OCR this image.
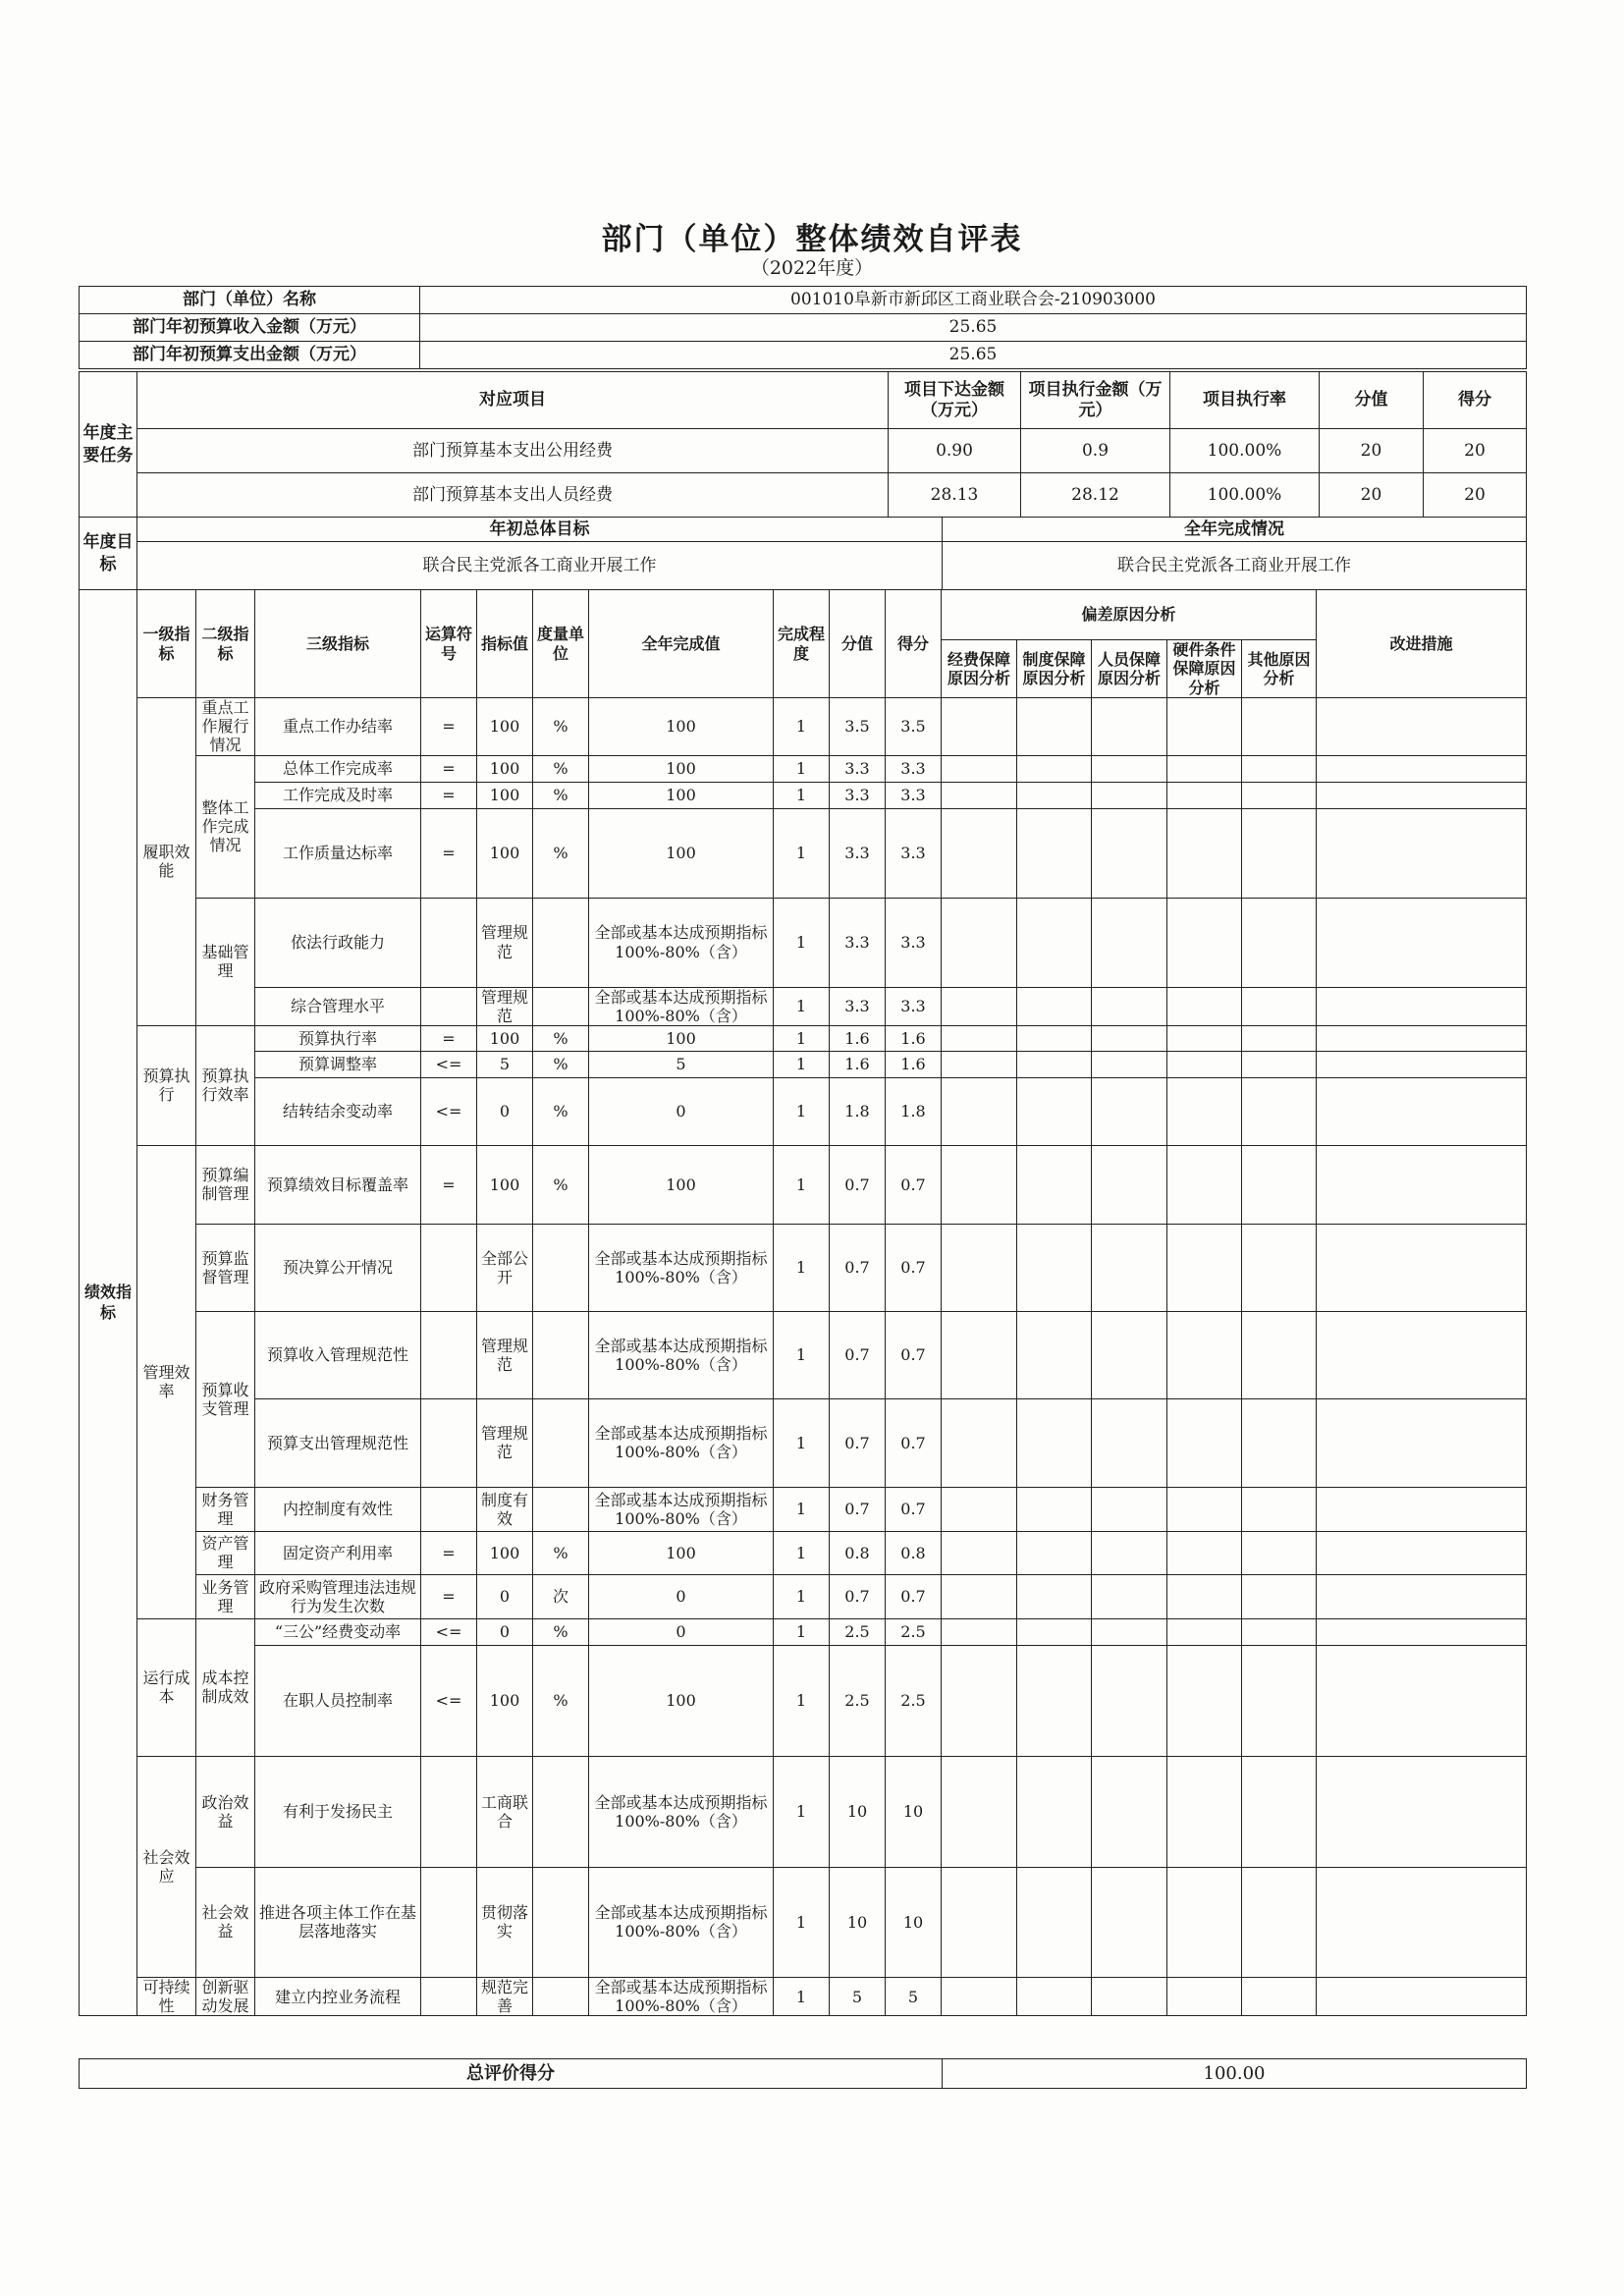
部门（单位）整体绩效自评表
（2022年度）
部门（单位）名称	001010阜新市新邱区工商业联合会-210903000
部门年初预算收入金额（万元）	25.65
部门年初预算支出金额（万元）	25.65
年度主要任务	对应项目	项目下达金额（万元）	项目执行金额（万元）	项目执行率	分值	得分
	部门预算基本支出公用经费	0.90	0.9	100.00%	20	20
	部门预算基本支出人员经费	28.13	28.12	100.00%	20	20
年度目标	年初总体目标	全年完成情况
	联合民主党派各工商业开展工作	联合民主党派各工商业开展工作
绩效指标	一级指标	二级指标	三级指标	运算符号	指标值	度量单位	全年完成值	完成程度	分值	得分	偏差原因分析					改进措施
											经费保障原因分析	制度保障原因分析	人员保障原因分析	硬件条件保障原因分析	其他原因分析	
	履职效能	重点工作履行情况	重点工作办结率	=	100	%	100	1	3.5	3.5						
		整体工作完成情况	总体工作完成率	=	100	%	100	1	3.3	3.3						
			工作完成及时率	=	100	%	100	1	3.3	3.3						
			工作质量达标率	=	100	%	100	1	3.3	3.3						
		基础管理	依法行政能力		管理规范		全部或基本达成预期指标100%-80%（含）	1	3.3	3.3						
			综合管理水平		管理规范		全部或基本达成预期指标100%-80%（含）	1	3.3	3.3						
	预算执行	预算执行效率	预算执行率	=	100	%	100	1	1.6	1.6						
			预算调整率	<=	5	%	5	1	1.6	1.6						
			结转结余变动率	<=	0	%	0	1	1.8	1.8						
	管理效率	预算编制管理	预算绩效目标覆盖率	=	100	%	100	1	0.7	0.7						
		预算监督管理	预决算公开情况		全部公开		全部或基本达成预期指标100%-80%（含）	1	0.7	0.7						
		预算收支管理	预算收入管理规范性		管理规范		全部或基本达成预期指标100%-80%（含）	1	0.7	0.7						
			预算支出管理规范性		管理规范		全部或基本达成预期指标100%-80%（含）	1	0.7	0.7						
		财务管理	内控制度有效性		制度有效		全部或基本达成预期指标100%-80%（含）	1	0.7	0.7						
		资产管理	固定资产利用率	=	100	%	100	1	0.8	0.8						
		业务管理	政府采购管理违法违规行为发生次数	=	0	次	0	1	0.7	0.7						
	运行成本	成本控制成效	“三公”经费变动率	<=	0	%	0	1	2.5	2.5						
			在职人员控制率	<=	100	%	100	1	2.5	2.5						
	社会效应	政治效益	有利于发扬民主		工商联合		全部或基本达成预期指标100%-80%（含）	1	10	10						
		社会效益	推进各项主体工作在基层落地落实		贯彻落实		全部或基本达成预期指标100%-80%（含）	1	10	10						
	可持续性	创新驱动发展	建立内控业务流程		规范完善		全部或基本达成预期指标100%-80%（含）	1	5	5						
总评价得分	100.00
